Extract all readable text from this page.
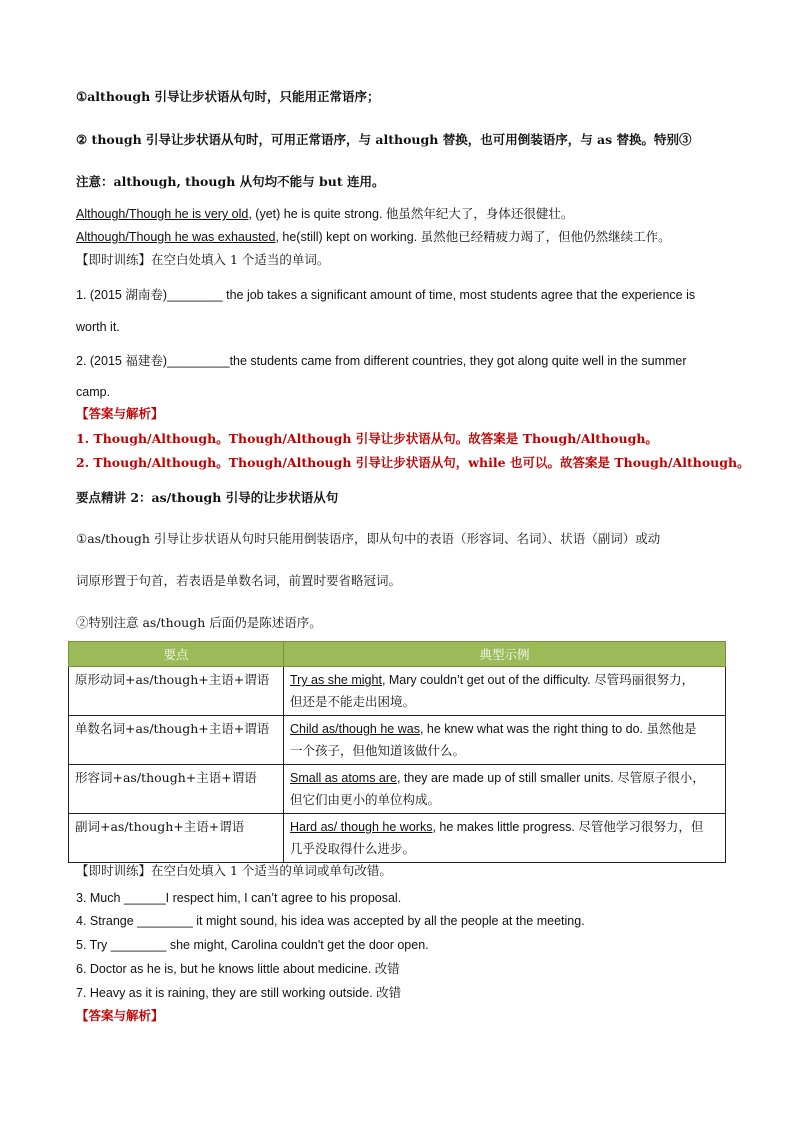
①although 引导让步状语从句时，只能用正常语序；
② though 引导让步状语从句时，可用正常语序，与 although 替换，也可用倒装语序，与 as 替换。特别③
注意：although, though 从句均不能与 but 连用。
Although/Though he is very old, (yet) he is quite strong. 他虽然年纪大了，身体还很健壮。
Although/Though he was exhausted, he(still) kept on working. 虽然他已经精疲力竭了，但他仍然继续工作。
【即时训练】在空白处填入 1 个适当的单词。
1. (2015 湖南卷)________ the job takes a significant amount of time, most students agree that the experience is
worth it.
2. (2015 福建卷)_________the students came from different countries, they got along quite well in the summer
camp.
【答案与解析】
1. Though/Although。Though/Although 引导让步状语从句。故答案是 Though/Although。
2. Though/Although。Though/Although 引导让步状语从句，while 也可以。故答案是 Though/Although。
要点精讲 2：as/though 引导的让步状语从句
①as/though 引导让步状语从句时只能用倒装语序，即从句中的表语（形容词、名词）、状语（副词）或动
词原形置于句首，若表语是单数名词，前置时要省略冠词。
②特别注意 as/though 后面仍是陈述语序。
要点	典型示例
原形动词+as/though+主语+谓语	Try as she might, Mary couldn’t get out of the difficulty. 尽管玛丽很努力，
但还是不能走出困境。
单数名词+as/though+主语+谓语	Child as/though he was, he knew what was the right thing to do. 虽然他是
一个孩子，但他知道该做什么。
形容词+as/though+主语+谓语	Small as atoms are, they are made up of still smaller units. 尽管原子很小，
但它们由更小的单位构成。
副词+as/though+主语+谓语	Hard as/ though he works, he makes little progress. 尽管他学习很努力，但
几乎没取得什么进步。
【即时训练】在空白处填入 1 个适当的单词或单句改错。
3. Much ______I respect him, I can’t agree to his proposal.
4. Strange ________ it might sound, his idea was accepted by all the people at the meeting.
5. Try ________ she might, Carolina couldn't get the door open.
6. Doctor as he is, but he knows little about medicine. 改错
7. Heavy as it is raining, they are still working outside. 改错
【答案与解析】
